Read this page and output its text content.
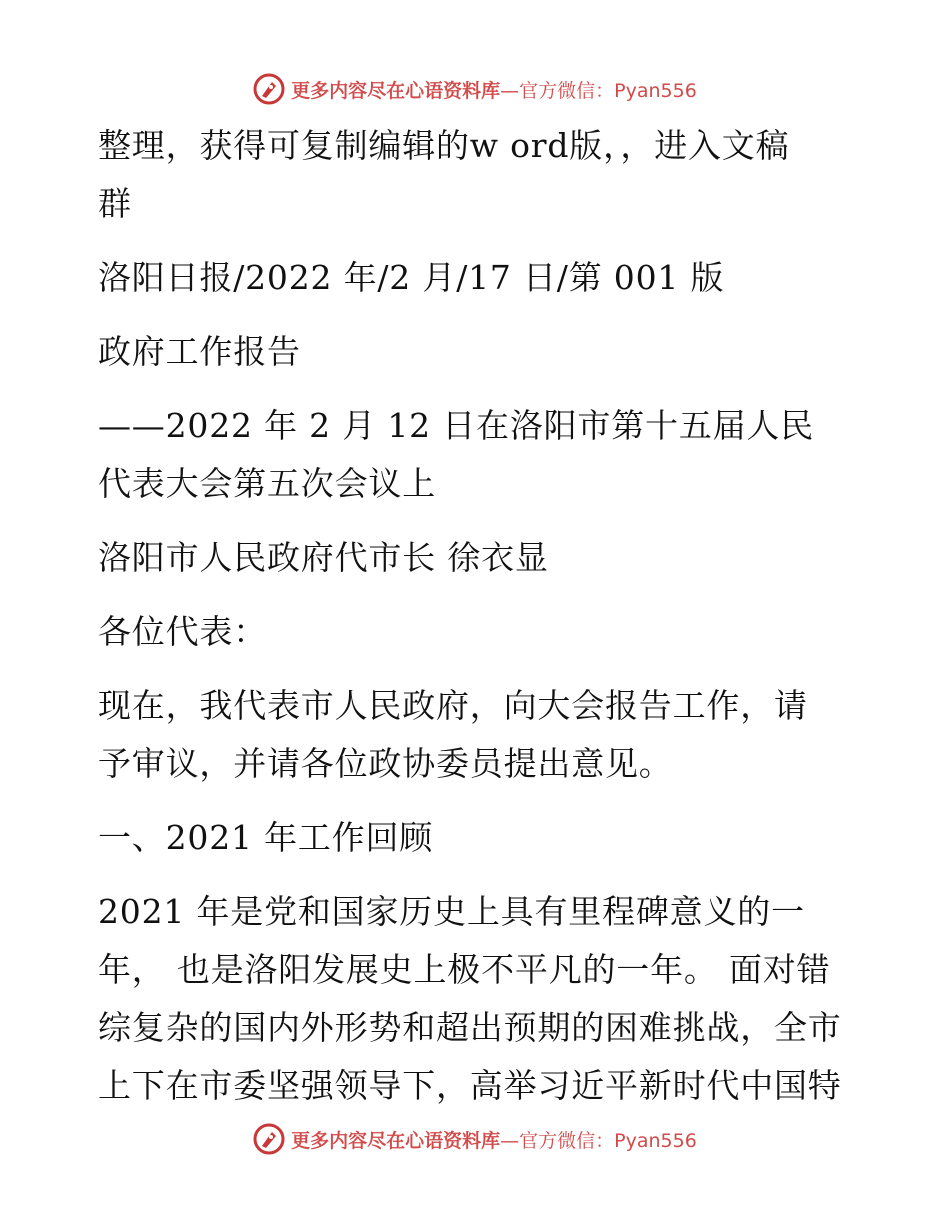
更多内容尽在心语资料库 —官方微信：Pyan556
整理，获得可复制编辑的w ord版，，进入文稿
群
洛阳日报/2022 年/2 月/17 日/第 001 版
政府工作报告
——2022 年 2 月 12 日在洛阳市第十五届人民
代表大会第五次会议上
洛阳市人民政府代市长 徐衣显
各位代表：
现在，我代表市人民政府，向大会报告工作，请
予审议，并请各位政协委员提出意见。
一、2021 年工作回顾
2021 年是党和国家历史上具有里程碑意义的一
年， 也是洛阳发展史上极不平凡的一年。 面对错
综复杂的国内外形势和超出预期的困难挑战，全市
上下在市委坚强领导下，高举习近平新时代中国特
更多内容尽在心语资料库 —官方微信：Pyan556
